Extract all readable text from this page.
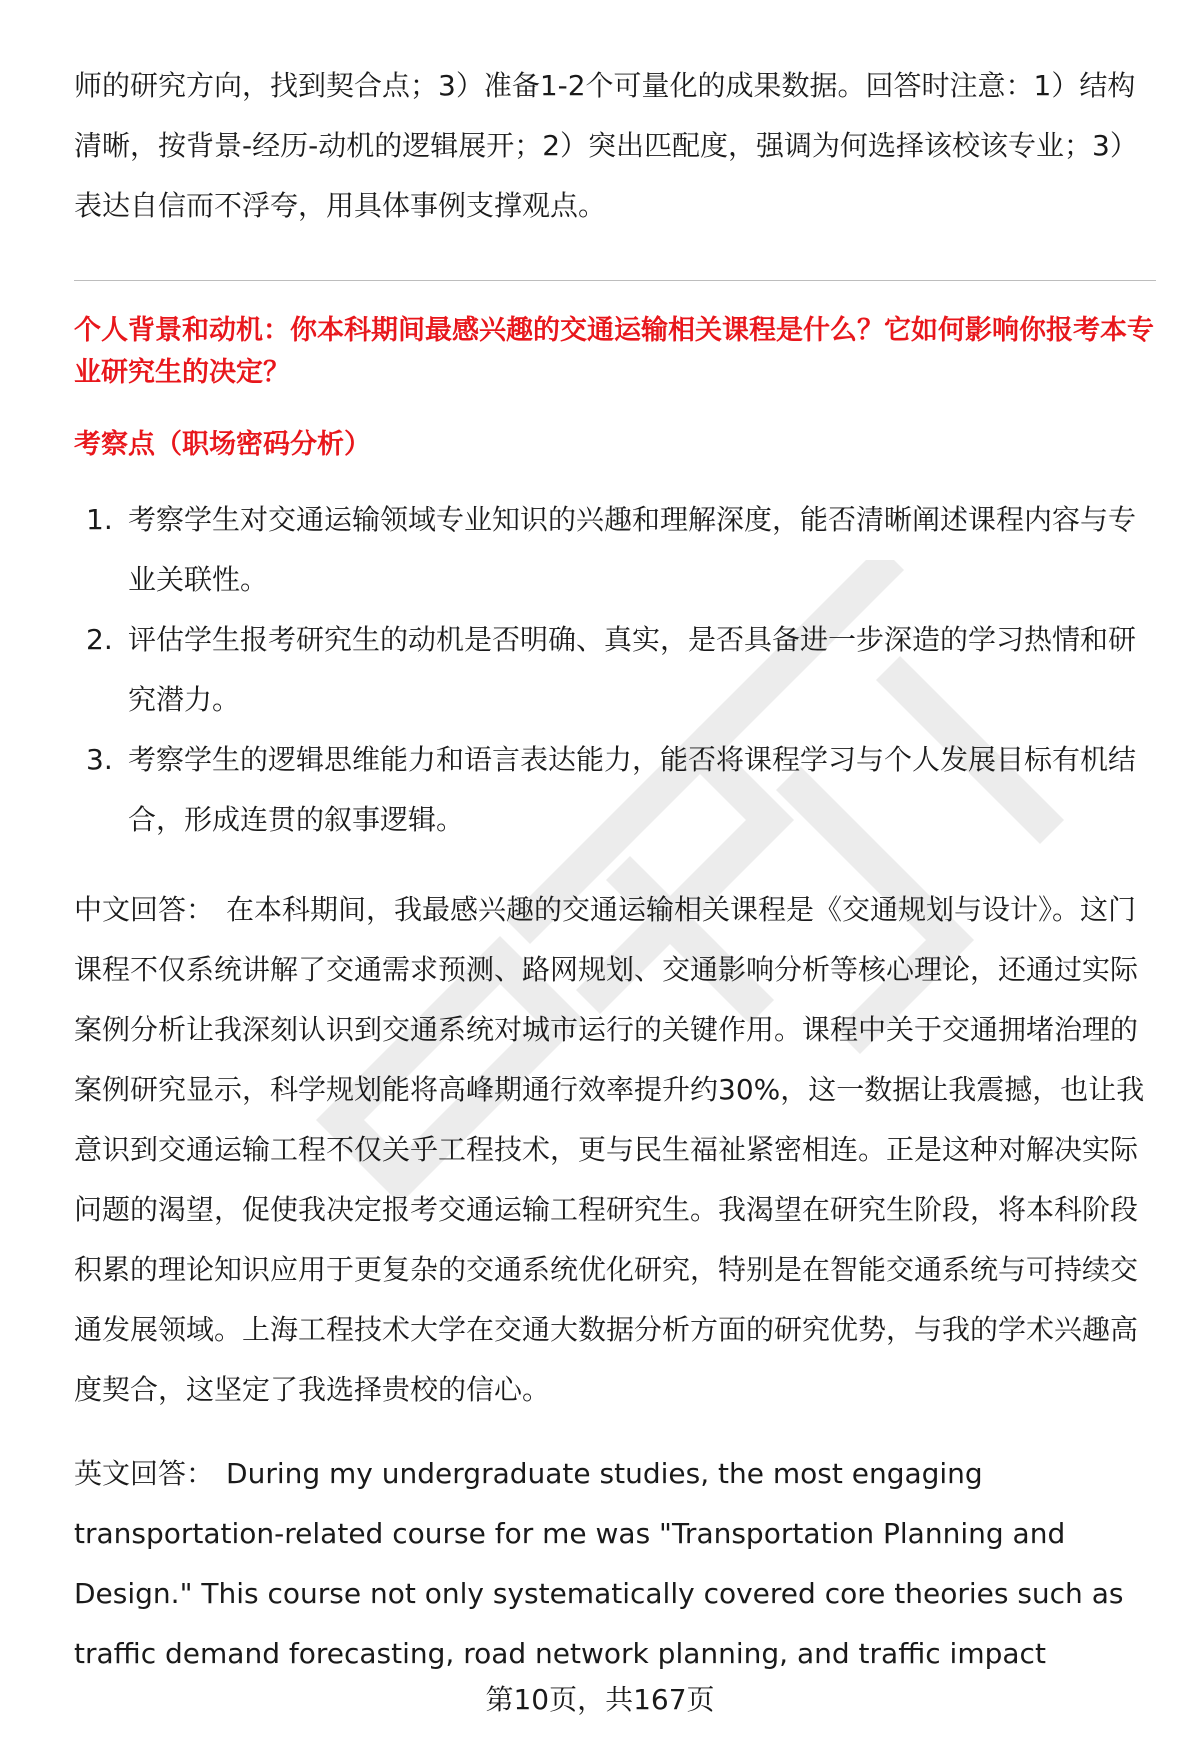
师的研究方向，找到契合点；3）准备1-2个可量化的成果数据。回答时注意：1）结构清晰，按背景-经历-动机的逻辑展开；2）突出匹配度，强调为何选择该校该专业；3）表达自信而不浮夸，用具体事例支撑观点。

个人背景和动机：你本科期间最感兴趣的交通运输相关课程是什么？它如何影响你报考本专业研究生的决定？

考察点（职场密码分析）

1. 考察学生对交通运输领域专业知识的兴趣和理解深度，能否清晰阐述课程内容与专业关联性。
2. 评估学生报考研究生的动机是否明确、真实，是否具备进一步深造的学习热情和研究潜力。
3. 考察学生的逻辑思维能力和语言表达能力，能否将课程学习与个人发展目标有机结合，形成连贯的叙事逻辑。

中文回答： 在本科期间，我最感兴趣的交通运输相关课程是《交通规划与设计》。这门课程不仅系统讲解了交通需求预测、路网规划、交通影响分析等核心理论，还通过实际案例分析让我深刻认识到交通系统对城市运行的关键作用。课程中关于交通拥堵治理的案例研究显示，科学规划能将高峰期通行效率提升约30%，这一数据让我震撼，也让我意识到交通运输工程不仅关乎工程技术，更与民生福祉紧密相连。正是这种对解决实际问题的渴望，促使我决定报考交通运输工程研究生。我渴望在研究生阶段，将本科阶段积累的理论知识应用于更复杂的交通系统优化研究，特别是在智能交通系统与可持续交通发展领域。上海工程技术大学在交通大数据分析方面的研究优势，与我的学术兴趣高度契合，这坚定了我选择贵校的信心。

英文回答： During my undergraduate studies, the most engaging transportation-related course for me was "Transportation Planning and Design." This course not only systematically covered core theories such as traffic demand forecasting, road network planning, and traffic impact

第10页，共167页
